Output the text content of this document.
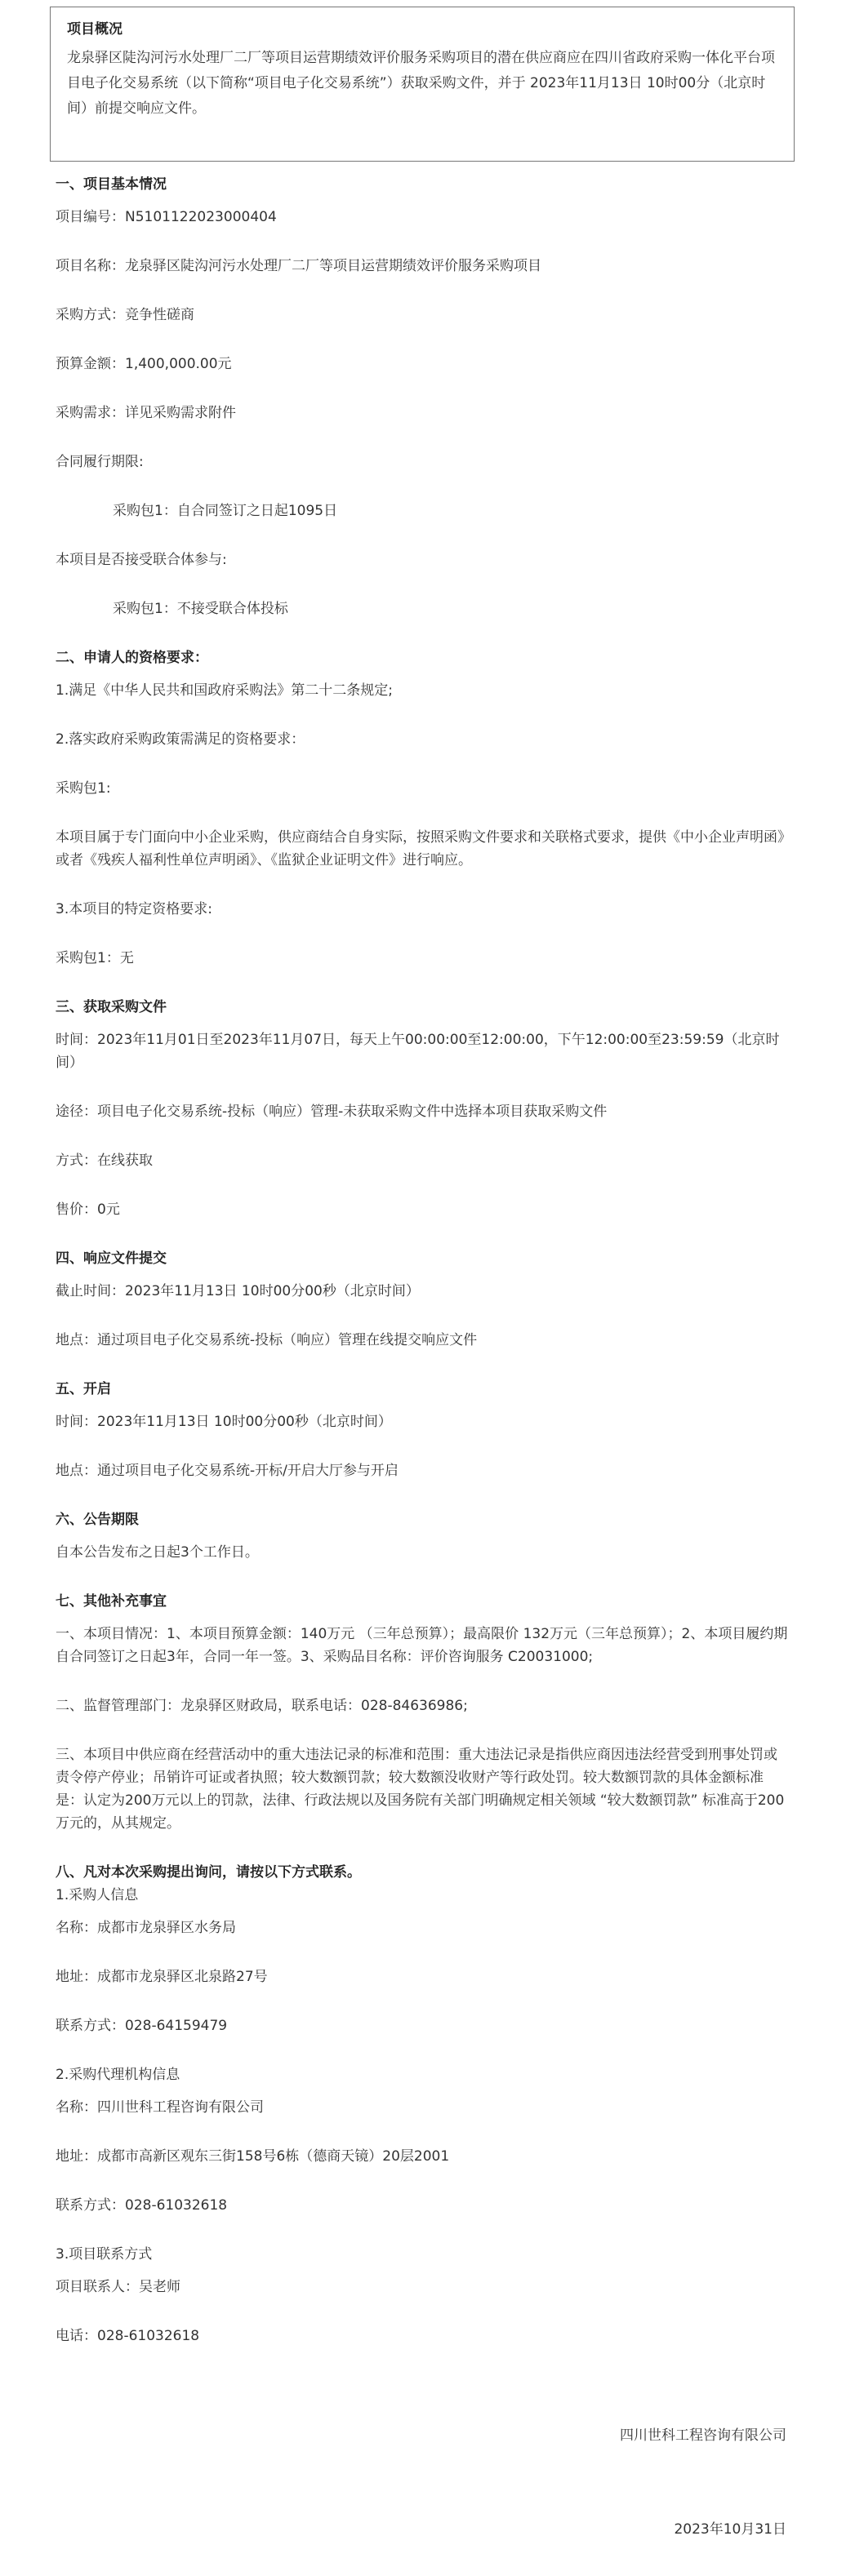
项目概况

龙泉驿区陡沟河污水处理厂二厂等项目运营期绩效评价服务采购项目的潜在供应商应在四川省政府采购一体化平台项目电子化交易系统（以下简称“项目电子化交易系统”）获取采购文件，并于 2023年11月13日 10时00分（北京时间）前提交响应文件。

一、项目基本情况

项目编号：N5101122023000404

项目名称：龙泉驿区陡沟河污水处理厂二厂等项目运营期绩效评价服务采购项目

采购方式：竞争性磋商

预算金额：1,400,000.00元

采购需求：详见采购需求附件

合同履行期限:

采购包1：自合同签订之日起1095日

本项目是否接受联合体参与:

采购包1：不接受联合体投标

二、申请人的资格要求：

1.满足《中华人民共和国政府采购法》第二十二条规定;

2.落实政府采购政策需满足的资格要求：

采购包1:

本项目属于专门面向中小企业采购，供应商结合自身实际，按照采购文件要求和关联格式要求，提供《中小企业声明函》或者《残疾人福利性单位声明函》、《监狱企业证明文件》进行响应。

3.本项目的特定资格要求:

采购包1：无

三、获取采购文件

时间：2023年11月01日至2023年11月07日，每天上午00:00:00至12:00:00，下午12:00:00至23:59:59（北京时间）

途径：项目电子化交易系统-投标（响应）管理-未获取采购文件中选择本项目获取采购文件

方式：在线获取

售价：0元

四、响应文件提交

截止时间：2023年11月13日 10时00分00秒（北京时间）

地点：通过项目电子化交易系统-投标（响应）管理在线提交响应文件

五、开启

时间：2023年11月13日 10时00分00秒（北京时间）

地点：通过项目电子化交易系统-开标/开启大厅参与开启

六、公告期限

自本公告发布之日起3个工作日。

七、其他补充事宜

一、本项目情况：1、本项目预算金额：140万元 （三年总预算）；最高限价 132万元（三年总预算）；2、本项目履约期自合同签订之日起3年，合同一年一签。3、采购品目名称：评价咨询服务 C20031000;

二、监督管理部门：龙泉驿区财政局，联系电话：028-84636986;

三、本项目中供应商在经营活动中的重大违法记录的标准和范围：重大违法记录是指供应商因违法经营受到刑事处罚或责令停产停业；吊销许可证或者执照；较大数额罚款；较大数额没收财产等行政处罚。较大数额罚款的具体金额标准是：认定为200万元以上的罚款，法律、行政法规以及国务院有关部门明确规定相关领域 “较大数额罚款” 标准高于200万元的，从其规定。

八、凡对本次采购提出询问，请按以下方式联系。

1.采购人信息

名称：成都市龙泉驿区水务局

地址：成都市龙泉驿区北泉路27号

联系方式：028-64159479

2.采购代理机构信息

名称：四川世科工程咨询有限公司

地址：成都市高新区观东三街158号6栋（德商天镜）20层2001

联系方式：028-61032618

3.项目联系方式

项目联系人：吴老师

电话：028-61032618

四川世科工程咨询有限公司
2023年10月31日
